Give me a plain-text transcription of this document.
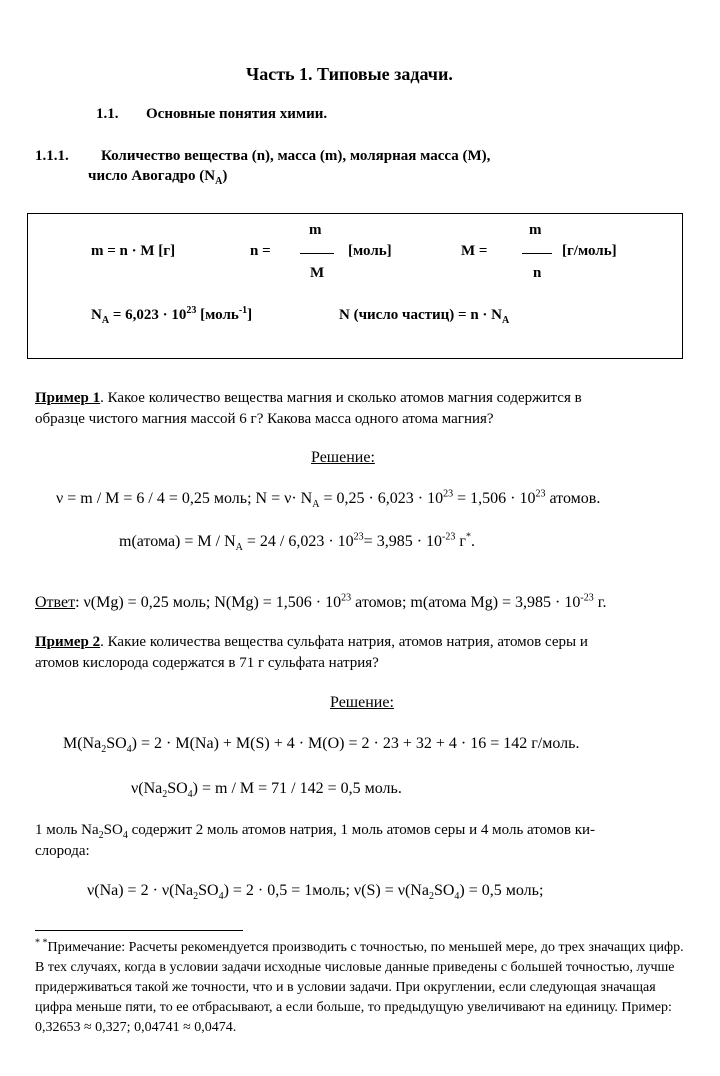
Часть 1. Типовые задачи.
1.1. Основные понятия химии.
1.1.1. Количество вещества (n), масса (m), молярная масса (M),
число Авогадро $(N_A)$
m = n · M [г]	n =
m
M
[моль]	M =
m
n
[г/моль]
$N_A = 6,023 \cdot 10^{23}$ [моль$^{-1}$]	N (число частиц) = $n \cdot N_A$
Пример 1. Какое количество вещества магния и сколько атомов магния содержится в
образце чистого магния массой 6 г? Какова масса одного атома магния?
Решение:
ν = m / M = 6 / 4 = 0,25 моль; $N = \nu\cdot N_A = 0,25 \cdot 6,023 \cdot 10^{23} = 1,506 \cdot 10^{23}$ атомов.
m(атома) = $M / N_A = 24 / 6,023 \cdot 10^{23}= 3,985 \cdot 10^{-23}$ г*.
Ответ: ν(Mg) = 0,25 моль; $N(Mg) = 1,506 \cdot 10^{23}$ атомов; m(атома $Mg) = 3,985 \cdot 10^{-23}$ г.
Пример 2. Какие количества вещества сульфата натрия, атомов натрия, атомов серы и
атомов кислорода содержатся в 71 г сульфата натрия?
Решение:
$M(Na_2SO_4) = 2 \cdot M(Na) + M(S) + 4 \cdot M(O) = 2 \cdot 23 + 32 + 4 \cdot 16 = 142$ г/моль.
$\nu(Na_2SO_4) = m / M = 71 / 142 = 0,5$ моль.
1 моль $Na_2SO_4$ содержит 2 моль атомов натрия, 1 моль атомов серы и 4 моль атомов ки-
слорода:
$\nu(Na) = 2 \cdot \nu(Na_2SO_4) = 2 \cdot 0,5$ = 1моль; $\nu(S) = \nu(Na_2SO_4) = 0,5$ моль;
* *Примечание: Расчеты рекомендуется производить с точностью, по меньшей мере, до трех значащих цифр. В тех случаях, когда в условии задачи исходные числовые данные приведены с большей точностью, лучше придерживаться такой же точности, что и в условии задачи. При округлении, если следующая значащая цифра меньше пяти, то ее отбрасывают, а если больше, то предыдущую увеличивают на единицу. Пример: 0,32653 ≈ 0,327; 0,04741 ≈ 0,0474.
